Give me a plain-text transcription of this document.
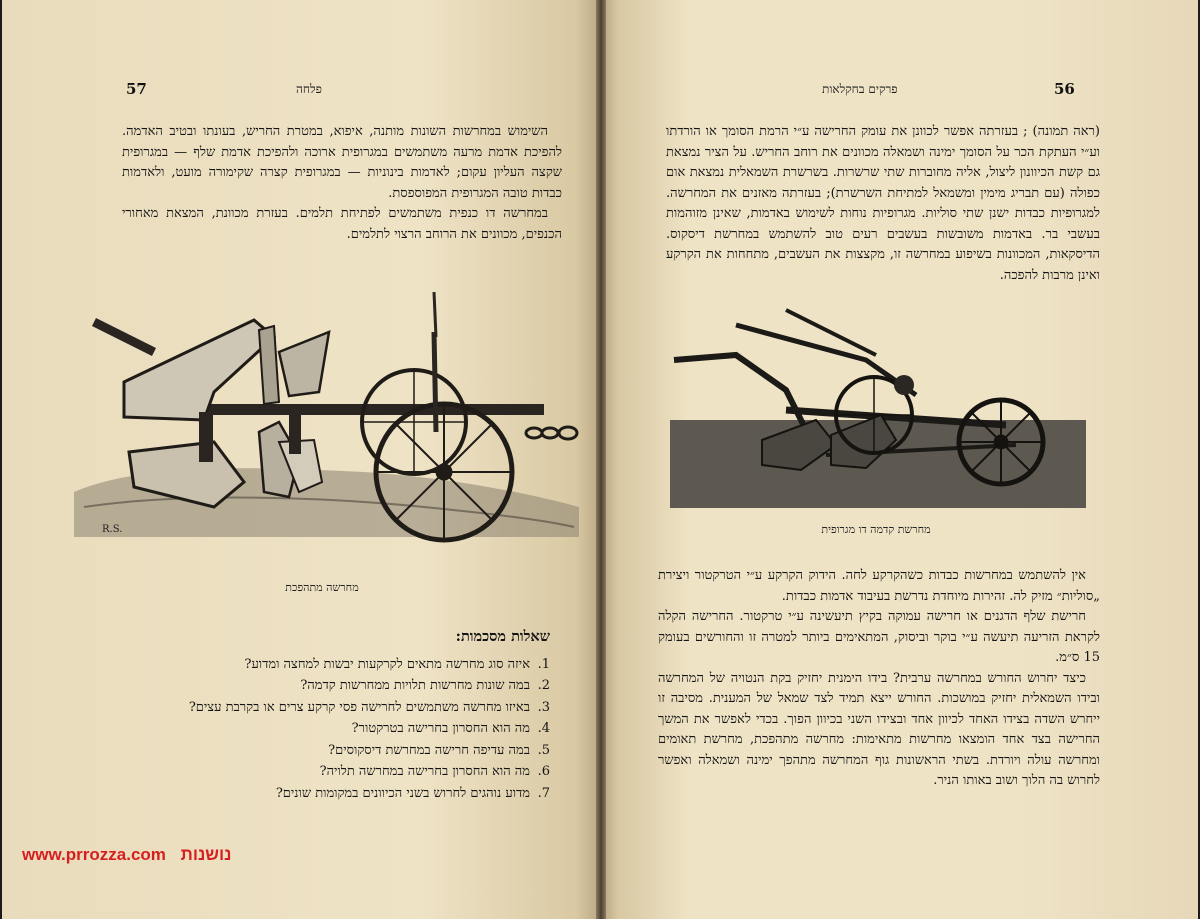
57	פלחה

השימוש במחרשות השונות מותנה, איפוא, במטרת החריש, בעונתו ובטיב האדמה. להפיכת אדמת מרעה משתמשים במגרופית ארוכה ולהפיכת אדמת שלף — במגרופית שקצה העליון עקום; לאדמות בינוניות — במגרופית קצרה שקימורה מועט, ולאדמות כבדות טובה המגרופית המפוספסת.

במחרשה דו כנפית משתמשים לפתיחת תלמים. בעזרת מכוונת, המצאת מאחורי הכנפים, מכוונים את הרוחב הרצוי לתלמים.

R.S.
מחרשה מתהפכת
שאלות מסכמות:
1.
איזה סוג מחרשה מתאים לקרקעות יבשות למחצה ומדוע?
2.
במה שונות מחרשות תלויות ממחרשות קדמה?
3.
באיזו מחרשה משתמשים לחרישה פסי קרקע צרים או בקרבת עצים?
4.
מה הוא החסרון בחרישה בטרקטור?
5.
במה עדיפה חרישה במחרשת דיסקוסים?
6.
מה הוא החסרון בחרישה במחרשה תלויה?
7.
מדוע נוהגים לחרוש בשני הכיוונים במקומות שונים?
www.prrozza.com נושנות
56
פרקים בחקלאות

(ראה תמונה) ; בעזרתה אפשר לכוונן את עומק החרישה ע״י הרמת הסומך או הורדתו וע״י העתקת הכר על הסומך ימינה ושמאלה מכוונים את רוחב החריש. על הציר נמצאת גם קשת הכיוונון ליצול, אליה מחוברות שתי שרשרות. בשרשרת השמאלית נמצאת אום כפולה (עם תבריג מימין ומשמאל למתיחת השרשרת); בעזרתה מאזנים את המחרשה. למגרופיות כבדות ישנן שתי סוליות. מגרופיות נוחות לשימוש באדמות, שאינן מזוהמות בעשבי בר. באדמות משובשות בעשבים רעים טוב להשתמש במחרשת דיסקוס. הדיסקאות, המכוונות בשיפוע במחרשה זו, מקצצות את העשבים, מתחחות את הקרקע ואינן מרבות להפכה.

מחרשת קדמה דו מגרופית

אין להשתמש במחרשות כבדות כשהקרקע לחה. הידוק הקרקע ע״י הטרקטור ויצירת „סוליות״ מזיק לה. זהירות מיוחדת נדרשת בעיבוד אדמות כבדות.

חרישת שלף הדגנים או חרישה עמוקה בקיץ תיעשינה ע״י טרקטור. החרישה הקלה לקראת הזריעה תיעשה ע״י בוקר וביסוק, המתאימים ביותר למטרה זו והחורשים בעומק 15 ס״מ.

כיצד יחרוש החורש במחרשה ערבית? בידו הימנית יחזיק בקת הנטויה של המחרשה ובידו השמאלית יחזיק במושכות. החורש ייצא תמיד לצד שמאל של המענית. מסיבה זו ייחרש השדה בצידו האחד לכיוון אחד ובצידו השני בכיוון הפוך. בכדי לאפשר את המשך החרישה בצד אחד הומצאו מחרשות מתאימות: מחרשה מתהפכת, מחרשת תאומים ומחרשה עולה ויורדת. בשתי הראשונות גוף המחרשה מתהפך ימינה ושמאלה ואפשר לחרוש בה הלוך ושוב באותו הניר.
